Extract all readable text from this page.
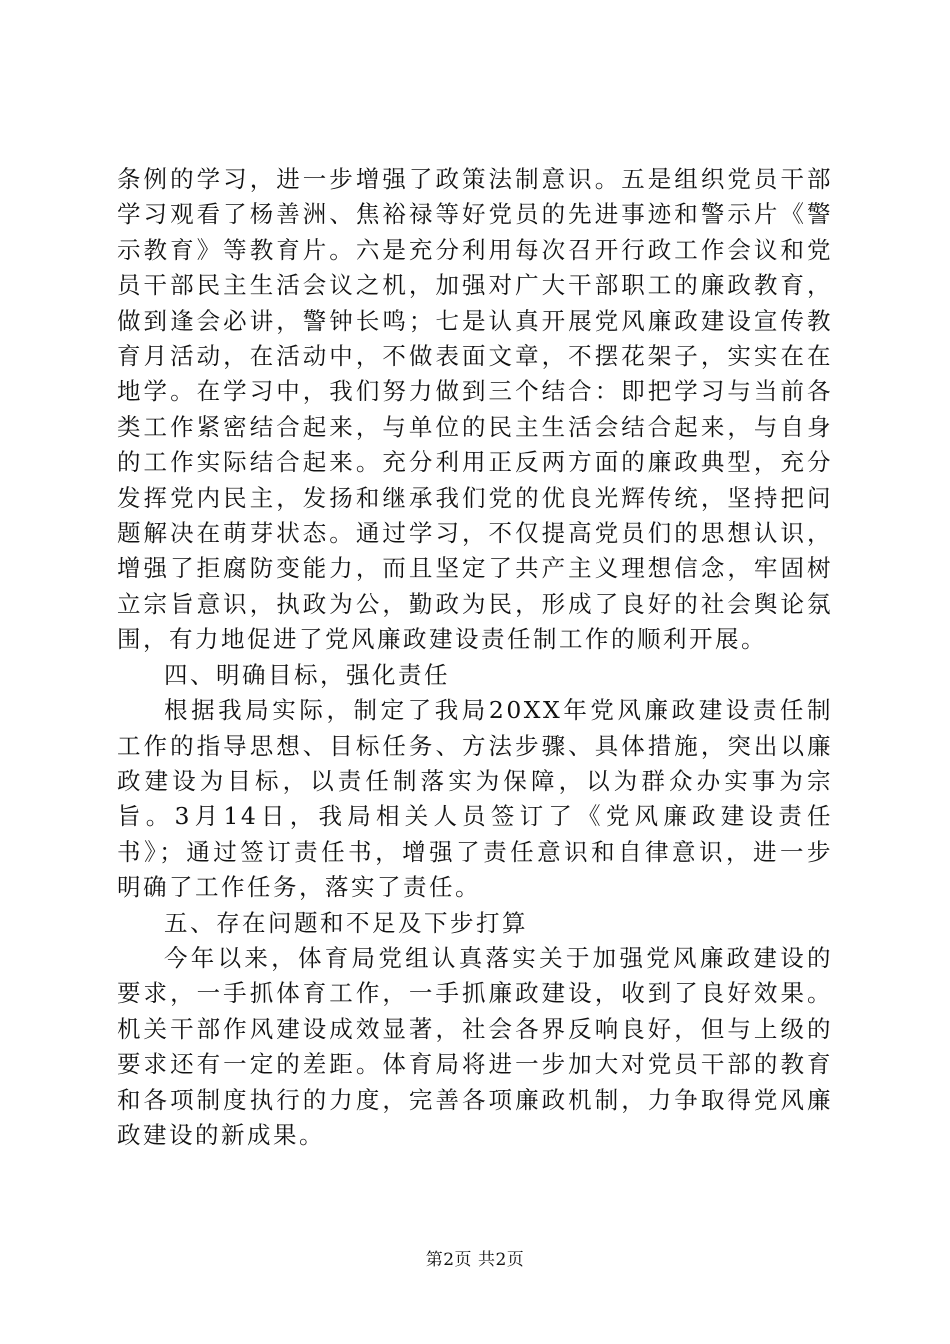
条例的学习，进一步增强了政策法制意识。五是组织党员干部学习观看了杨善洲、焦裕禄等好党员的先进事迹和警示片《警示教育》等教育片。六是充分利用每次召开行政工作会议和党员干部民主生活会议之机，加强对广大干部职工的廉政教育，做到逢会必讲，警钟长鸣；七是认真开展党风廉政建设宣传教育月活动，在活动中，不做表面文章，不摆花架子，实实在在地学。在学习中，我们努力做到三个结合：即把学习与当前各类工作紧密结合起来，与单位的民主生活会结合起来，与自身的工作实际结合起来。充分利用正反两方面的廉政典型，充分发挥党内民主，发扬和继承我们党的优良光辉传统，坚持把问题解决在萌芽状态。通过学习，不仅提高党员们的思想认识，增强了拒腐防变能力，而且坚定了共产主义理想信念，牢固树立宗旨意识，执政为公，勤政为民，形成了良好的社会舆论氛围，有力地促进了党风廉政建设责任制工作的顺利开展。

四、明确目标，强化责任

根据我局实际，制定了我局20XX年党风廉政建设责任制工作的指导思想、目标任务、方法步骤、具体措施，突出以廉政建设为目标，以责任制落实为保障，以为群众办实事为宗旨。3月14日，我局相关人员签订了《党风廉政建设责任书》；通过签订责任书，增强了责任意识和自律意识，进一步明确了工作任务，落实了责任。

五、存在问题和不足及下步打算

今年以来，体育局党组认真落实关于加强党风廉政建设的要求，一手抓体育工作，一手抓廉政建设，收到了良好效果。机关干部作风建设成效显著，社会各界反响良好，但与上级的要求还有一定的差距。体育局将进一步加大对党员干部的教育和各项制度执行的力度，完善各项廉政机制，力争取得党风廉政建设的新成果。

第2页 共2页
